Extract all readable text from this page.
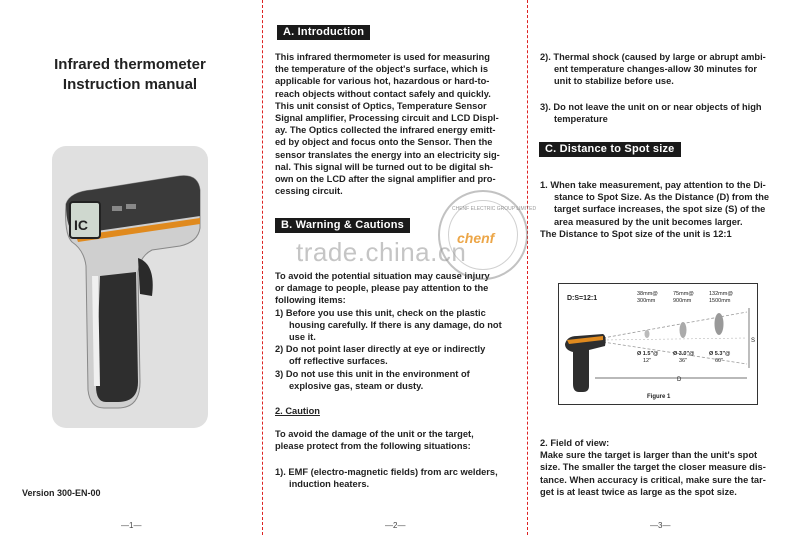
Infrared thermometer
Instruction manual
IC
Version 300-EN-00
—1—
A. Introduction
This infrared thermometer is used for measuring
the temperature of the object's surface, which is
applicable for various hot, hazardous or hard-to-
reach objects without contact safely and quickly.
This unit consist of Optics, Temperature Sensor
Signal amplifier, Processing circuit and LCD Displ-
ay. The Optics collected the infrared energy emitt-
ed by object and focus onto the Sensor. Then the
sensor translates the energy into an electricity sig-
nal. This signal will be turned out to be digital sh-
own on the LCD after the signal amplifier and pro-
cessing circuit.
B. Warning & Cautions
To avoid the potential situation may cause injury
or damage to people, please pay attention to the
following items:
1) Before you use this unit, check on the plastic
housing carefully. If there is any damage, do not
use it.
2) Do not point laser directly at eye or indirectly
off reflective surfaces.
3) Do not use this unit in the environment of
explosive gas, steam or dusty.
2. Caution
To avoid the damage of the unit or the target,
please protect from the following situations:
1). EMF (electro-magnetic fields) from arc welders,
induction heaters.
—2—
CHENF ELECTRIC GROUP LIMITED
chenf
trade.china.cn
2). Thermal shock (caused by large or abrupt ambi-
ent temperature changes-allow 30 minutes for
unit to stabilize before use.
3). Do not leave the unit on or near objects of high
temperature
C. Distance to Spot size
1. When take measurement, pay attention to the Di-
stance to Spot Size. As the Distance (D) from the
target surface increases, the spot size (S) of the
area measured by the unit becomes larger.
The Distance to Spot size of the unit is 12:1
D:S=12:1
38mm@
300mm
75mm@
900mm
132mm@
1500mm
S
D
Ø 1.5"@
12"
Ø 3.0"@
36"
Ø 5.3"@
60"
Figure 1
2. Field of view:
Make sure the target is larger than the unit's spot
size. The smaller the target the closer measure dis-
tance. When accuracy is critical, make sure the tar-
get is at least twice as large as the spot size.
—3—
